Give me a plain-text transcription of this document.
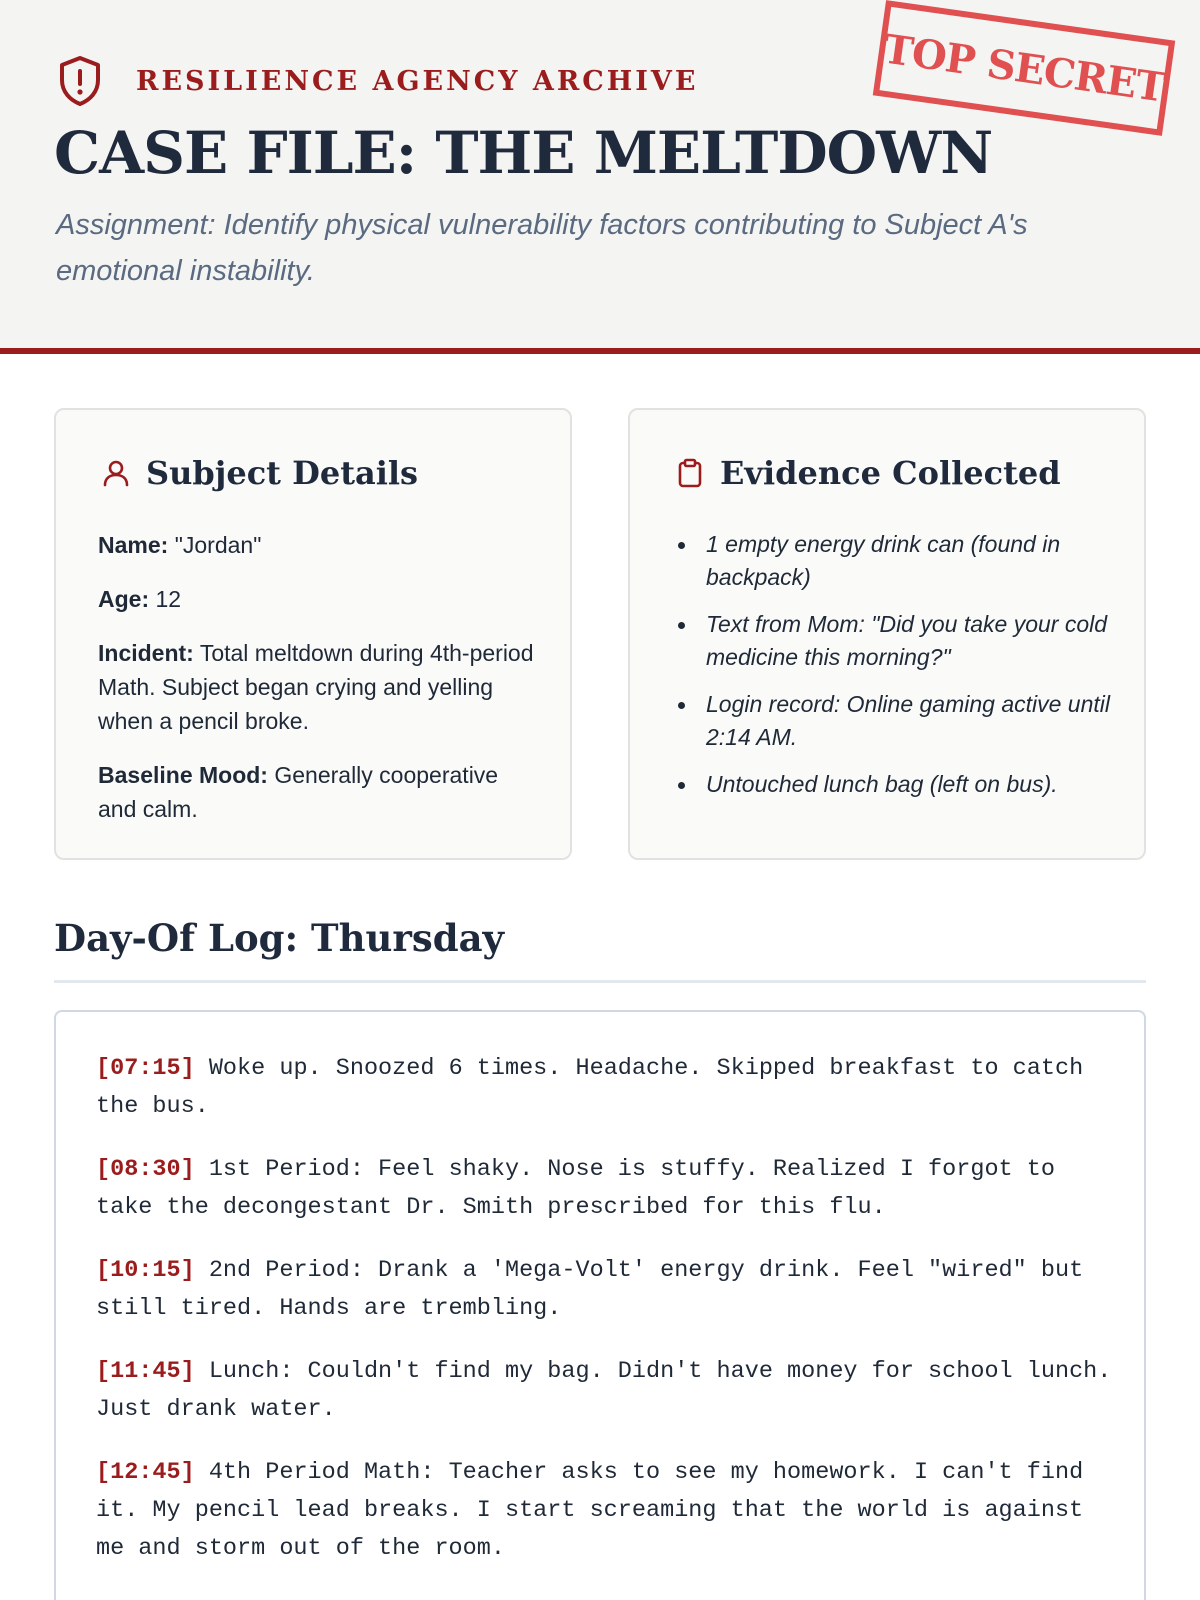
RESILIENCE AGENCY ARCHIVE
CASE FILE: THE MELTDOWN

Assignment: Identify physical vulnerability factors contributing to Subject A's emotional instability.

TOP SECRET
Subject Details

Name: "Jordan"

Age: 12

Incident: Total meltdown during 4th-period Math. Subject began crying and yelling when a pencil broke.

Baseline Mood: Generally cooperative and calm.

Evidence Collected
1 empty energy drink can (found in backpack)
Text from Mom: "Did you take your cold medicine this morning?"
Login record: Online gaming active until 2:14 AM.
Untouched lunch bag (left on bus).
Day-Of Log: Thursday

[07:15] Woke up. Snoozed 6 times. Headache. Skipped breakfast to catch the bus.

[08:30] 1st Period: Feel shaky. Nose is stuffy. Realized I forgot to take the decongestant Dr. Smith prescribed for this flu.

[10:15] 2nd Period: Drank a 'Mega-Volt' energy drink. Feel "wired" but still tired. Hands are trembling.

[11:45] Lunch: Couldn't find my bag. Didn't have money for school lunch. Just drank water.

[12:45] 4th Period Math: Teacher asks to see my homework. I can't find it. My pencil lead breaks. I start screaming that the world is against me and storm out of the room.
